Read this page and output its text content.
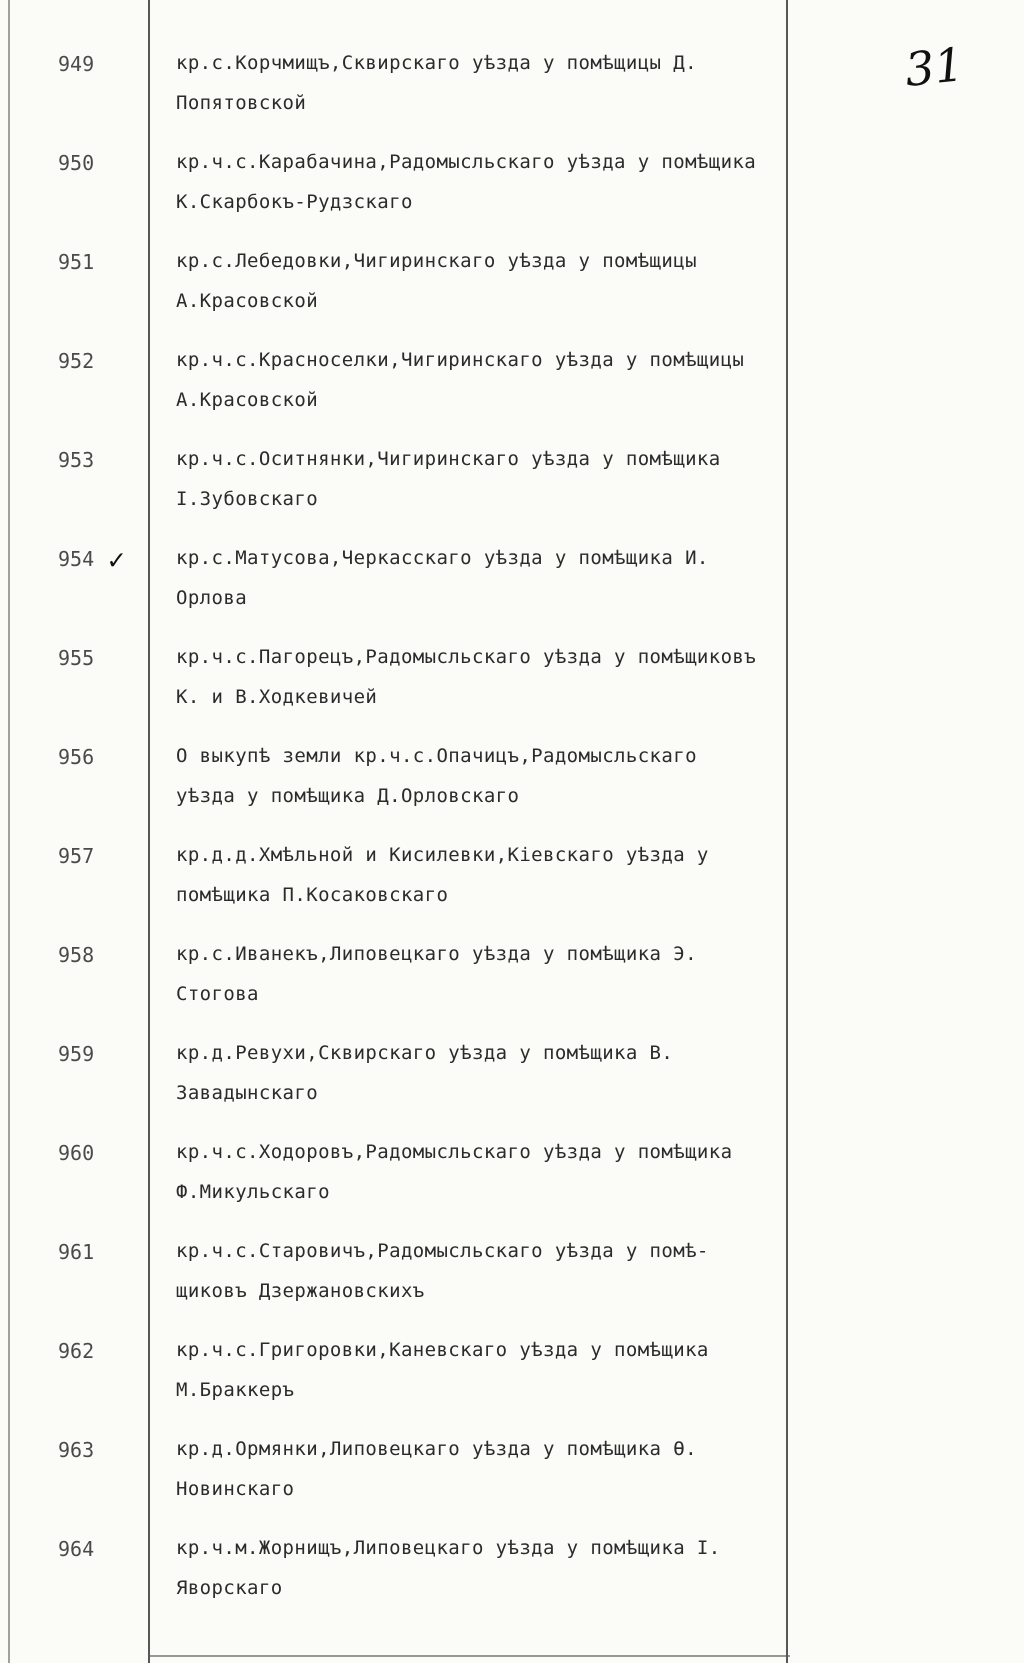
31
949	кр.с.Корчмищъ,Сквирскаго уѣзда у помѣщицы Д.
Попятовской
950	кр.ч.с.Карабачина,Радомысльскаго уѣзда у помѣщика
К.Скарбокъ-Рудзскаго
951	кр.с.Лебедовки,Чигиринскаго уѣзда у помѣщицы
А.Красовской
952	кр.ч.с.Красноселки,Чигиринскаго уѣзда у помѣщицы
А.Красовской
953	кр.ч.с.Оситнянки,Чигиринскаго уѣзда у помѣщика
І.Зубовскаго
954 ✓	кр.с.Матусова,Черкасскаго уѣзда у помѣщика И.
Орлова
955	кр.ч.с.Пагорецъ,Радомысльскаго уѣзда у помѣщиковъ
К. и В.Ходкевичей
956	О выкупѣ земли кр.ч.с.Опачицъ,Радомысльскаго
уѣзда у помѣщика Д.Орловскаго
957	кр.д.д.Хмѣльной и Кисилевки,Кіевскаго уѣзда у
помѣщика П.Косаковскаго
958	кр.с.Иванекъ,Липовецкаго уѣзда у помѣщика Э.
Стогова
959	кр.д.Ревухи,Сквирскаго уѣзда у помѣщика В.
Завадынскаго
960	кр.ч.с.Ходоровъ,Радомысльскаго уѣзда у помѣщика
Ф.Микульскаго
961	кр.ч.с.Старовичъ,Радомысльскаго уѣзда у помѣ-
щиковъ Дзержановскихъ
962	кр.ч.с.Григоровки,Каневскаго уѣзда у помѣщика
М.Браккеръ
963	кр.д.Ормянки,Липовецкаго уѣзда у помѣщика Ѳ.
Новинскаго
964	кр.ч.м.Жорнищъ,Липовецкаго уѣзда у помѣщика І.
Яворскаго
